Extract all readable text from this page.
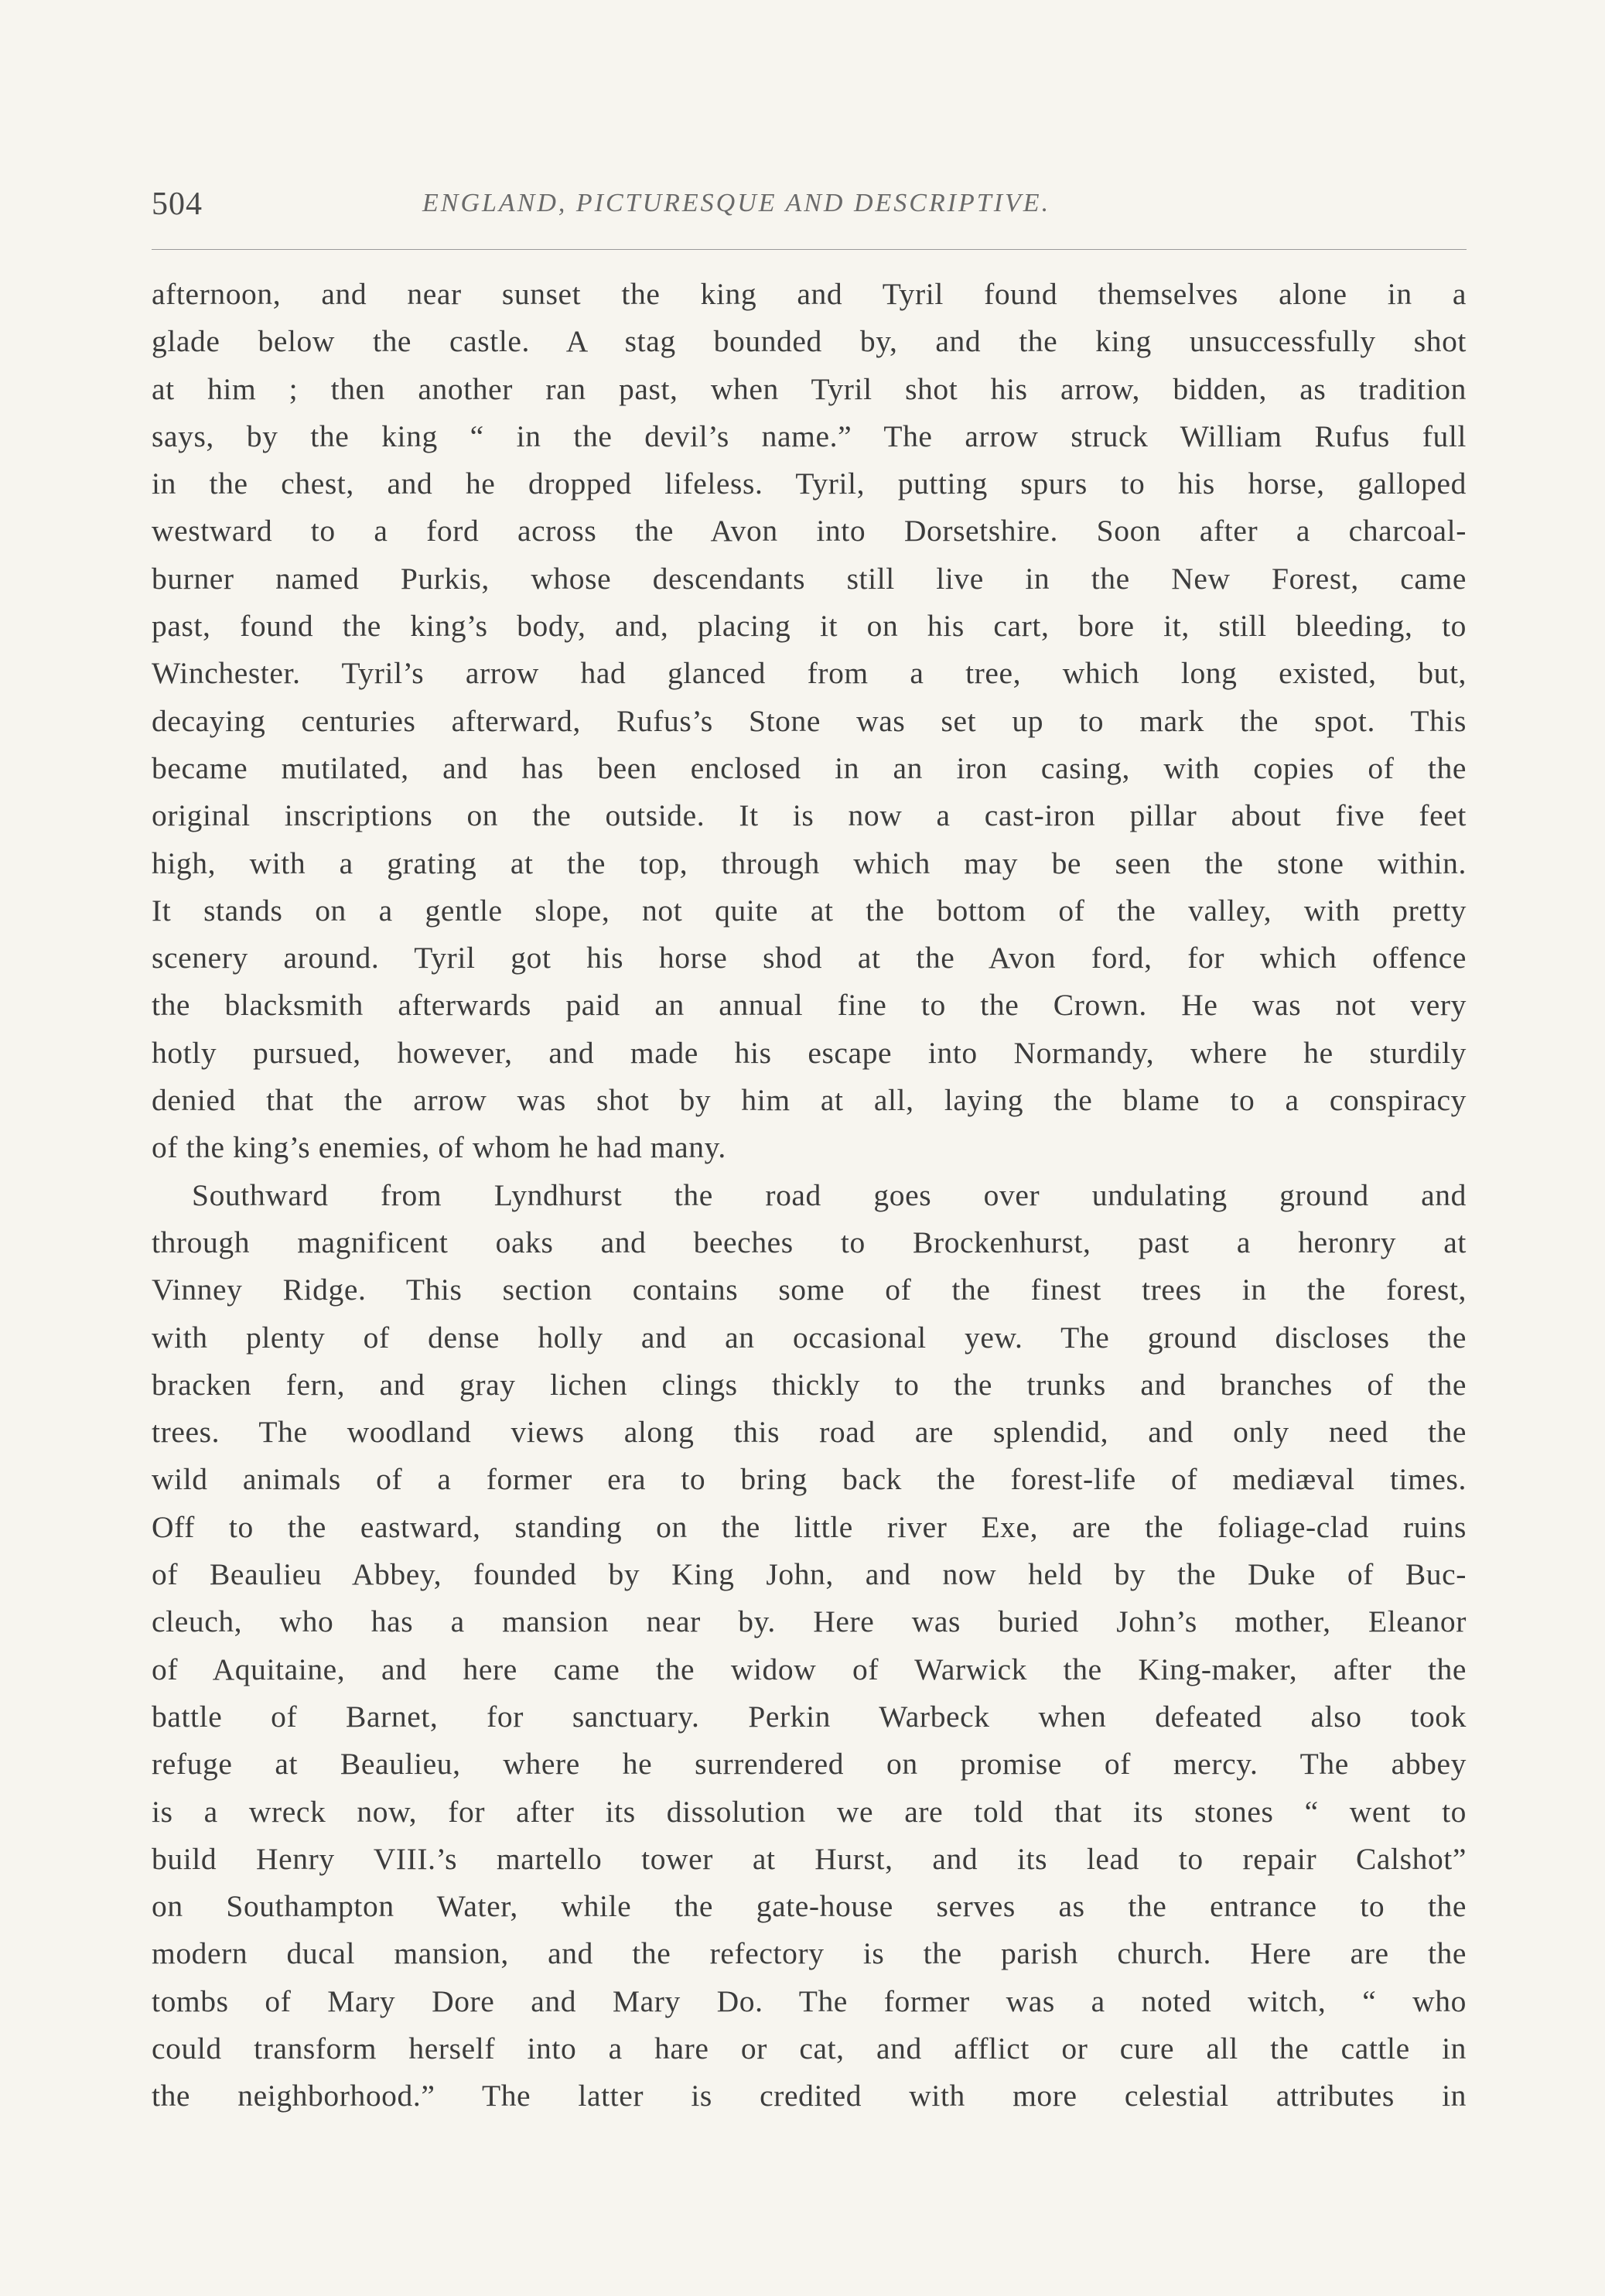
504	ENGLAND, PICTURESQUE AND DESCRIPTIVE.
afternoon, and near sunset the king and Tyril found themselves alone in a
glade below the castle. A stag bounded by, and the king unsuccessfully shot
at him ; then another ran past, when Tyril shot his arrow, bidden, as tradition
says, by the king “ in the devil’s name.” The arrow struck William Rufus full
in the chest, and he dropped lifeless. Tyril, putting spurs to his horse, galloped
westward to a ford across the Avon into Dorsetshire. Soon after a charcoal-
burner named Purkis, whose descendants still live in the New Forest, came
past, found the king’s body, and, placing it on his cart, bore it, still bleeding, to
Winchester. Tyril’s arrow had glanced from a tree, which long existed, but,
decaying centuries afterward, Rufus’s Stone was set up to mark the spot. This
became mutilated, and has been enclosed in an iron casing, with copies of the
original inscriptions on the outside. It is now a cast-iron pillar about five feet
high, with a grating at the top, through which may be seen the stone within.
It stands on a gentle slope, not quite at the bottom of the valley, with pretty
scenery around. Tyril got his horse shod at the Avon ford, for which offence
the blacksmith afterwards paid an annual fine to the Crown. He was not very
hotly pursued, however, and made his escape into Normandy, where he sturdily
denied that the arrow was shot by him at all, laying the blame to a conspiracy
of the king’s enemies, of whom he had many.
Southward from Lyndhurst the road goes over undulating ground and
through magnificent oaks and beeches to Brockenhurst, past a heronry at
Vinney Ridge. This section contains some of the finest trees in the forest,
with plenty of dense holly and an occasional yew. The ground discloses the
bracken fern, and gray lichen clings thickly to the trunks and branches of the
trees. The woodland views along this road are splendid, and only need the
wild animals of a former era to bring back the forest-life of mediæval times.
Off to the eastward, standing on the little river Exe, are the foliage-clad ruins
of Beaulieu Abbey, founded by King John, and now held by the Duke of Buc-
cleuch, who has a mansion near by. Here was buried John’s mother, Eleanor
of Aquitaine, and here came the widow of Warwick the King-maker, after the
battle of Barnet, for sanctuary. Perkin Warbeck when defeated also took
refuge at Beaulieu, where he surrendered on promise of mercy. The abbey
is a wreck now, for after its dissolution we are told that its stones “ went to
build Henry VIII.’s martello tower at Hurst, and its lead to repair Calshot”
on Southampton Water, while the gate-house serves as the entrance to the
modern ducal mansion, and the refectory is the parish church. Here are the
tombs of Mary Dore and Mary Do. The former was a noted witch, “ who
could transform herself into a hare or cat, and afflict or cure all the cattle in
the neighborhood.” The latter is credited with more celestial attributes in
